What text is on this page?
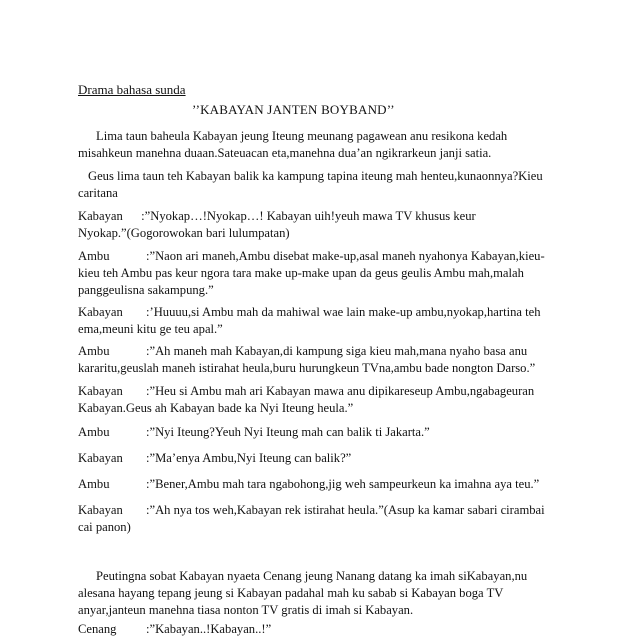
Drama bahasa sunda
’’KABAYAN JANTEN BOYBAND’’
Lima taun baheula Kabayan jeung Iteung meunang pagawean anu resikona kedah misahkeun manehna duaan.Sateuacan eta,manehna dua’an ngikrarkeun janji satia.
Geus lima taun teh Kabayan balik ka kampung tapina iteung mah henteu,kunaonnya?Kieu caritana
Kabayan :”Nyokap…!Nyokap…! Kabayan uih!yeuh mawa TV khusus keur Nyokap.”(Gogorowokan bari lulumpatan)
Ambu	:”Naon ari maneh,Ambu disebat make-up,asal maneh nyahonya Kabayan,kieu-kieu teh Ambu pas keur ngora tara make up-make upan da geus geulis Ambu mah,malah panggeulisna sakampung.”
Kabayan :’Huuuu,si Ambu mah da mahiwal wae lain make-up ambu,nyokap,hartina teh ema,meuni kitu ge teu apal.”
Ambu	:”Ah maneh mah Kabayan,di kampung siga kieu mah,mana nyaho basa anu kararitu,geuslah maneh istirahat heula,buru hurungkeun TVna,ambu bade nongton Darso.”
Kabayan :”Heu si Ambu mah ari Kabayan mawa anu dipikareseup Ambu,ngabageuran Kabayan.Geus ah Kabayan bade ka Nyi Iteung heula.”
Ambu	:”Nyi Iteung?Yeuh Nyi Iteung mah can balik ti Jakarta.”
Kabayan :”Ma’enya Ambu,Nyi Iteung can balik?”
Ambu	:”Bener,Ambu mah tara ngabohong,jig weh sampeurkeun ka imahna aya teu.”
Kabayan :”Ah nya tos weh,Kabayan rek istirahat heula.”(Asup ka kamar sabari cirambai cai panon)
Peutingna sobat Kabayan nyaeta Cenang jeung Nanang datang ka imah siKabayan,nu alesana hayang tepang jeung si Kabayan padahal mah ku sabab si Kabayan boga TV anyar,janteun manehna tiasa nonton TV gratis di imah si Kabayan.
Cenang :”Kabayan..!Kabayan..!”
